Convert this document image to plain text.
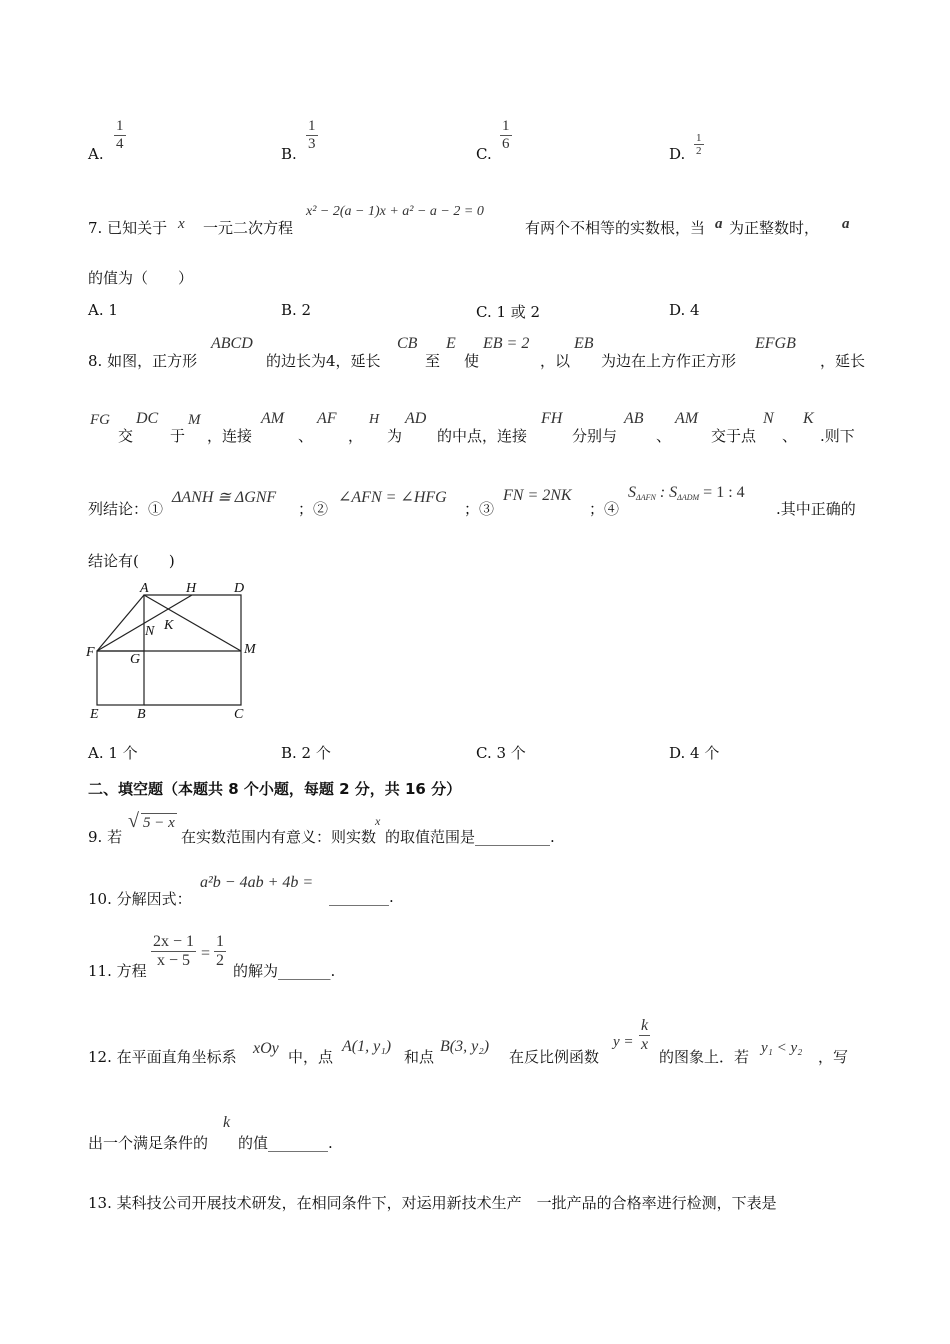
A.
1
4
B.
1
3
C.
1
6
D.
1
2
7. 已知关于 x 一元二次方程
x² − 2(a − 1)x + a² − a − 2 = 0
有两个不相等的实数根，当 a 为正整数时， a
的值为（　　）
A. 1	B. 2	C. 1 或 2	D. 4
8. 如图，正方形
ABCD
的边长为4，延长
CB
至
E
使
EB = 2
，以
EB
为边在上方作正方形
EFGB
，延长
FG
交
DC
于
M
，连接
AM
、
AF
，
H
为
AD
的中点，连接
FH
分别与
AB
、
AM
交于点
N
、
K
.则下
列结论：①
ΔANH ≅ ΔGNF
；②
∠AFN = ∠HFG
；③
FN = 2NK
；④
$S_{\Delta AFN}$ : $S_{\Delta ADM} = 1$ : 4
.其中正确的
结论有(　　)
A	H	D
N K
F	G
M
E	B	C
A. 1 个	B. 2 个	C. 3 个	D. 4 个
二、填空题（本题共 8 个小题，每题 2 分，共 16 分）
9. 若
√ 5 − x
在实数范围内有意义：则实数
x
的取值范围是__________.
10. 分解因式：
a²b − 4ab + 4b =
________.
11. 方程
2x − 1
x − 5 =
1
2
的解为_______.
12. 在平面直角坐标系 xOy 中，点
A(1, y₁)
和点
B(3, y₂)
在反比例函数
y =
k
x
的图象上．若 y₁ < y₂ ，写
出一个满足条件的
k
的值________.
13. 某科技公司开展技术研发，在相同条件下，对运用新技术生产　一批产品的合格率进行检测，下表是
